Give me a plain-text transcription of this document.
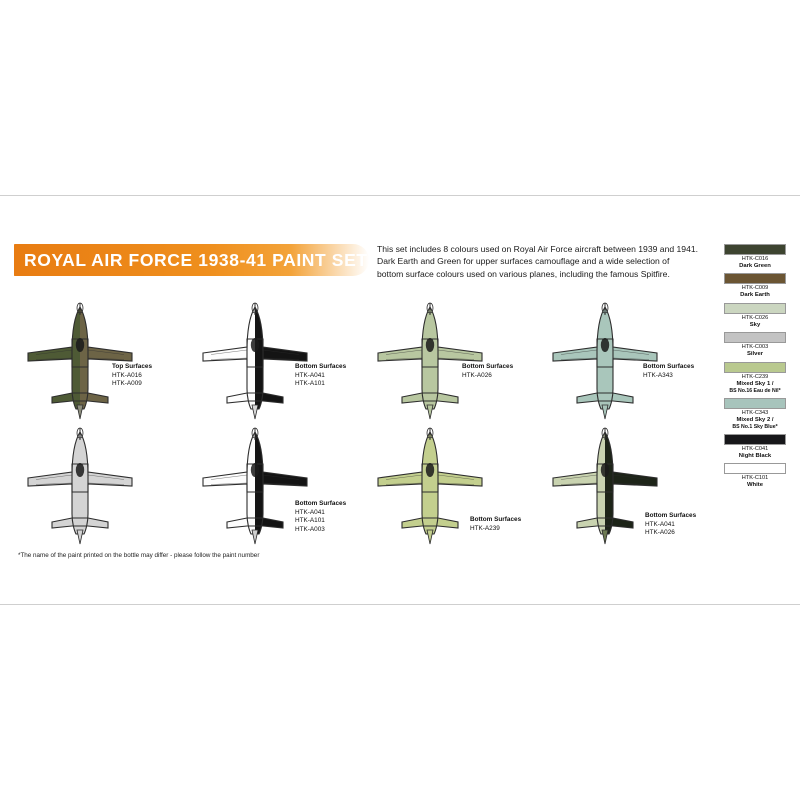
ROYAL AIR FORCE 1938-41 PAINT SET
This set includes 8 colours used on Royal Air Force aircraft between 1939 and 1941.
Dark Earth and Green for upper surfaces camouflage and a wide selection of
bottom surface colours used on various planes, including the famous Spitfire.
Top Surfaces
HTK-A016
HTK-A009
Bottom Surfaces
HTK-A041
HTK-A101
Bottom Surfaces
HTK-A026
Bottom Surfaces
HTK-A343
Bottom Surfaces
HTK-A041
HTK-A101
HTK-A003
Bottom Surfaces
HTK-A239
Bottom Surfaces
HTK-A041
HTK-A026
*The name of the paint printed on the bottle may differ - please follow the paint number
HTK-C016
Dark Green
HTK-C009
Dark Earth
HTK-C026
Sky
HTK-C003
Silver
HTK-C239
Mixed Sky 1 /
BS No.16 Eau de Nil*
HTK-C343
Mixed Sky 2 /
BS No.1 Sky Blue*
HTK-C041
Night Black
HTK-C101
White
